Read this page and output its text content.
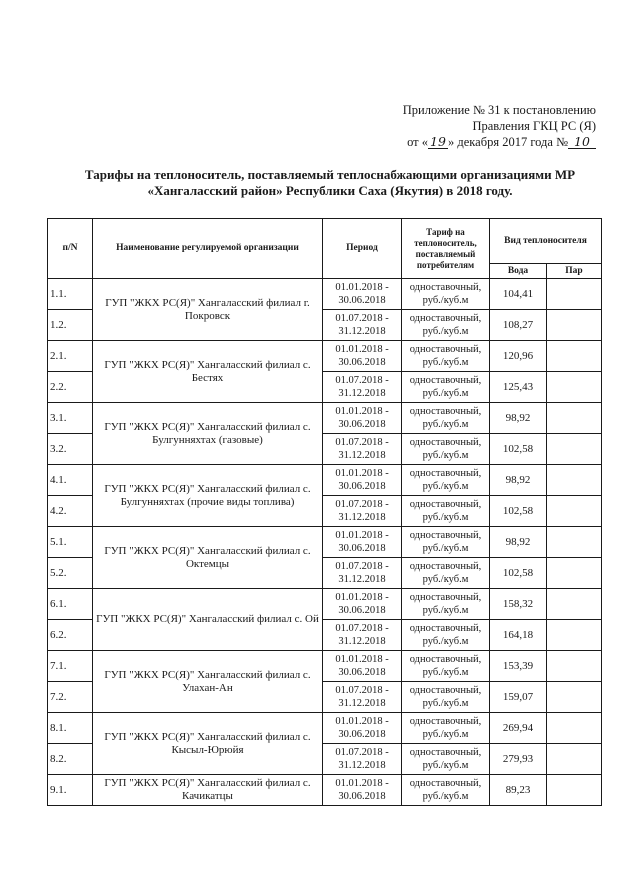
Приложение № 31 к постановлению
Правления ГКЦ РС (Я)
от « 19 » декабря 2017 года № 10
Тарифы на теплоноситель, поставляемый теплоснабжающими организациями МР
«Хангаласский район» Республики Саха (Якутия) в 2018 году.
п/N	Наименование регулируемой организации	Период	Тариф на теплоноситель, поставляемый потребителям	Вид теплоносителя	
				Вода	Пар
1.1.	ГУП "ЖКХ РС(Я)" Хангаласский филиал г. Покровск	01.01.2018 - 30.06.2018	одноставочный, руб./куб.м	104,41	
1.2.		01.07.2018 - 31.12.2018	одноставочный, руб./куб.м	108,27	
2.1.	ГУП "ЖКХ РС(Я)" Хангаласский филиал с. Бестях	01.01.2018 - 30.06.2018	одноставочный, руб./куб.м	120,96	
2.2.		01.07.2018 - 31.12.2018	одноставочный, руб./куб.м	125,43	
3.1.	ГУП "ЖКХ РС(Я)" Хангаласский филиал с. Булгунняхтах (газовые)	01.01.2018 - 30.06.2018	одноставочный, руб./куб.м	98,92	
3.2.		01.07.2018 - 31.12.2018	одноставочный, руб./куб.м	102,58	
4.1.	ГУП "ЖКХ РС(Я)" Хангаласский филиал с. Булгунняхтах (прочие виды топлива)	01.01.2018 - 30.06.2018	одноставочный, руб./куб.м	98,92	
4.2.		01.07.2018 - 31.12.2018	одноставочный, руб./куб.м	102,58	
5.1.	ГУП "ЖКХ РС(Я)" Хангаласский филиал с. Октемцы	01.01.2018 - 30.06.2018	одноставочный, руб./куб.м	98,92	
5.2.		01.07.2018 - 31.12.2018	одноставочный, руб./куб.м	102,58	
6.1.	ГУП "ЖКХ РС(Я)" Хангаласский филиал с. Ой	01.01.2018 - 30.06.2018	одноставочный, руб./куб.м	158,32	
6.2.		01.07.2018 - 31.12.2018	одноставочный, руб./куб.м	164,18	
7.1.	ГУП "ЖКХ РС(Я)" Хангаласский филиал с. Улахан-Ан	01.01.2018 - 30.06.2018	одноставочный, руб./куб.м	153,39	
7.2.		01.07.2018 - 31.12.2018	одноставочный, руб./куб.м	159,07	
8.1.	ГУП "ЖКХ РС(Я)" Хангаласский филиал с. Кысыл-Юрюйя	01.01.2018 - 30.06.2018	одноставочный, руб./куб.м	269,94	
8.2.		01.07.2018 - 31.12.2018	одноставочный, руб./куб.м	279,93	
9.1.	ГУП "ЖКХ РС(Я)" Хангаласский филиал с. Качикатцы	01.01.2018 - 30.06.2018	одноставочный, руб./куб.м	89,23	
